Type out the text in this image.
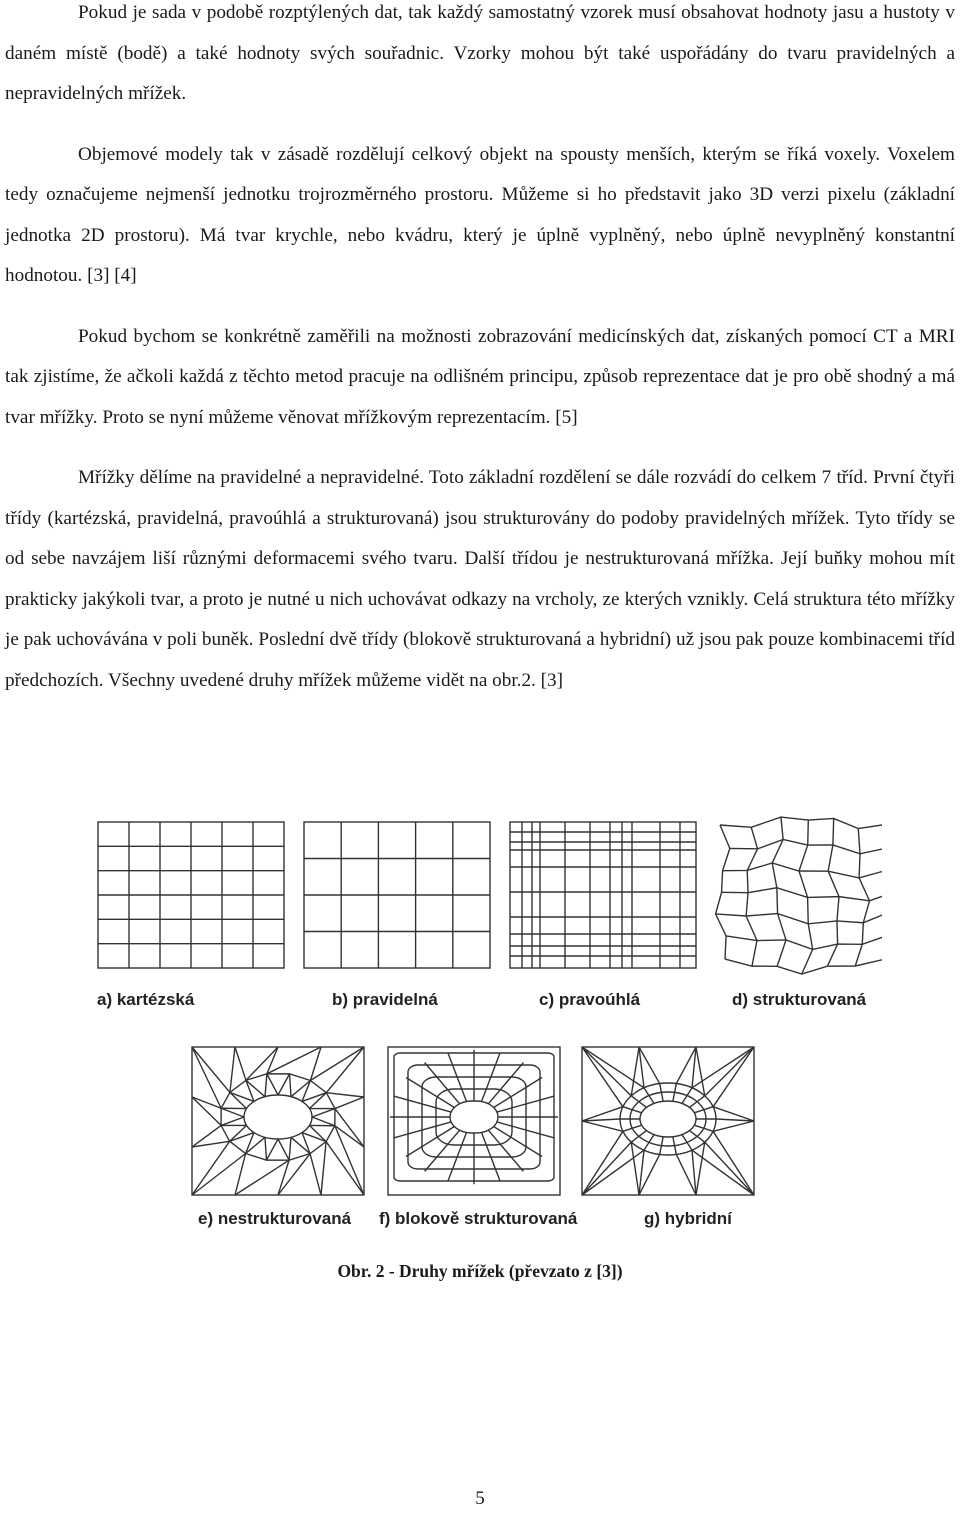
Pokud je sada v podobě rozptýlených dat, tak každý samostatný vzorek musí obsahovat hodnoty jasu a hustoty v daném místě (bodě) a také hodnoty svých souřadnic. Vzorky mohou být také uspořádány do tvaru pravidelných a nepravidelných mřížek.

Objemové modely tak v zásadě rozdělují celkový objekt na spousty menších, kterým se říká voxely. Voxelem tedy označujeme nejmenší jednotku trojrozměrného prostoru. Můžeme si ho představit jako 3D verzi pixelu (základní jednotka 2D prostoru). Má tvar krychle, nebo kvádru, který je úplně vyplněný, nebo úplně nevyplněný konstantní hodnotou. [3] [4]

Pokud bychom se konkrétně zaměřili na možnosti zobrazování medicínských dat, získaných pomocí CT a MRI tak zjistíme, že ačkoli každá z těchto metod pracuje na odlišném principu, způsob reprezentace dat je pro obě shodný a má tvar mřížky. Proto se nyní můžeme věnovat mřížkovým reprezentacím. [5]

Mřížky dělíme na pravidelné a nepravidelné. Toto základní rozdělení se dále rozvádí do celkem 7 tříd. První čtyři třídy (kartézská, pravidelná, pravoúhlá a strukturovaná) jsou strukturovány do podoby pravidelných mřížek. Tyto třídy se od sebe navzájem liší různými deformacemi svého tvaru. Další třídou je nestrukturovaná mřížka. Její buňky mohou mít prakticky jakýkoli tvar, a proto je nutné u nich uchovávat odkazy na vrcholy, ze kterých vznikly. Celá struktura této mřížky je pak uchovávána v poli buněk. Poslední dvě třídy (blokově strukturovaná a hybridní) už jsou pak pouze kombinacemi tříd předchozích. Všechny uvedené druhy mřížek můžeme vidět na obr.2. [3]

a) kartézská	b) pravidelná	c) pravoúhlá	d) strukturovaná
e) nestrukturovaná f) blokově strukturovaná	g) hybridní
Obr. 2 - Druhy mřížek (převzato z [3])
5
